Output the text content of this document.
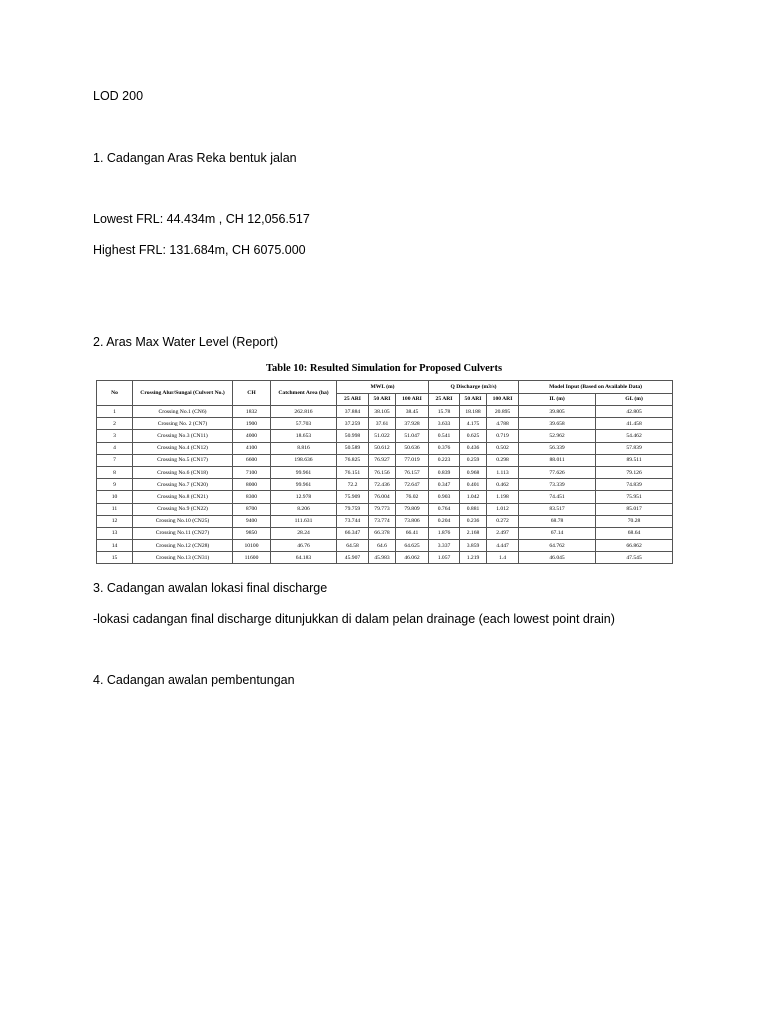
LOD 200

1. Cadangan Aras Reka bentuk jalan

Lowest FRL: 44.434m , CH 12,056.517

Highest FRL: 131.684m, CH 6075.000

2. Aras Max Water Level (Report)

Table 10: Resulted Simulation for Proposed Culverts
No	Crossing Alur/Sungai (Culvert No.)	CH	Catchment Area (ha)	MWL (m)			Q Discharge (m3/s)			Model Input (Based on Available Data)	
				25 ARI	50 ARI	100 ARI	25 ARI	50 ARI	100 ARI	IL (m)	GL (m)
1	Crossing No.1 (CN6)	1832	262.816	37.884	38.105	38.45	15.78	18.188	20.895	39.805	42.805
2	Crossing No. 2 (CN7)	1900	57.703	37.259	37.61	37.928	3.633	4.175	4.788	39.658	41.458
3	Crossing No.3 (CN11)	4000	18.653	50.998	51.022	51.047	0.541	0.625	0.719	52.962	54.462
4	Crossing No.4 (CN12)	4100	8.816	50.589	50.612	50.636	0.376	0.436	0.502	56.339	57.839
7	Crossing No.5 (CN17)	6600	198.636	76.825	76.927	77.019	0.223	0.259	0.298	88.011	89.511
8	Crossing No.6 (CN18)	7100	99.961	76.151	76.156	76.157	0.839	0.968	1.113	77.626	79.126
9	Crossing No.7 (CN20)	8000	99.961	72.2	72.436	72.647	0.347	0.401	0.462	73.339	74.839
10	Crossing No.8 (CN21)	8300	12.978	75.909	76.004	76.02	0.903	1.042	1.198	74.451	75.951
11	Crossing No.9 (CN22)	8700	8.206	79.759	79.773	79.809	0.764	0.881	1.012	83.517	85.017
12	Crossing No.10 (CN25)	9400	111.631	73.744	73.774	73.806	0.204	0.236	0.272	68.78	70.28
13	Crossing No.11 (CN27)	9850	28.24	66.347	66.378	66.41	1.876	2.168	2.497	67.14	68.64
14	Crossing No.12 (CN28)	10100	46.76	64.58	64.6	64.625	3.337	3.859	4.447	64.762	66.862
15	Crossing No.13 (CN31)	11600	64.183	45.907	45.983	46.062	1.057	1.219	1.4	46.045	47.545

3. Cadangan awalan lokasi final discharge

-lokasi cadangan final discharge ditunjukkan di dalam pelan drainage (each lowest point drain)

4. Cadangan awalan pembentungan
